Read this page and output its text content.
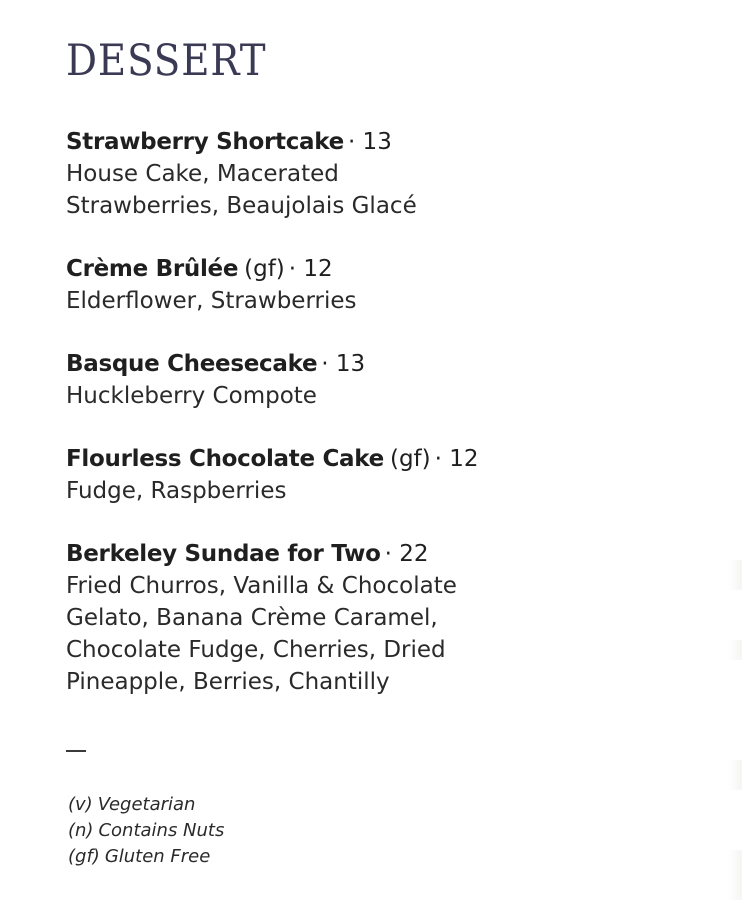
DESSERT
Strawberry Shortcake · 13
House Cake, Macerated Strawberries, Beaujolais Glacé
Crème Brûlée (gf) · 12
Elderflower, Strawberries
Basque Cheesecake · 13
Huckleberry Compote
Flourless Chocolate Cake (gf) · 12
Fudge, Raspberries
Berkeley Sundae for Two · 22
Fried Churros, Vanilla & Chocolate Gelato, Banana Crème Caramel, Chocolate Fudge, Cherries, Dried Pineapple, Berries, Chantilly
(v) Vegetarian
(n) Contains Nuts
(gf) Gluten Free
